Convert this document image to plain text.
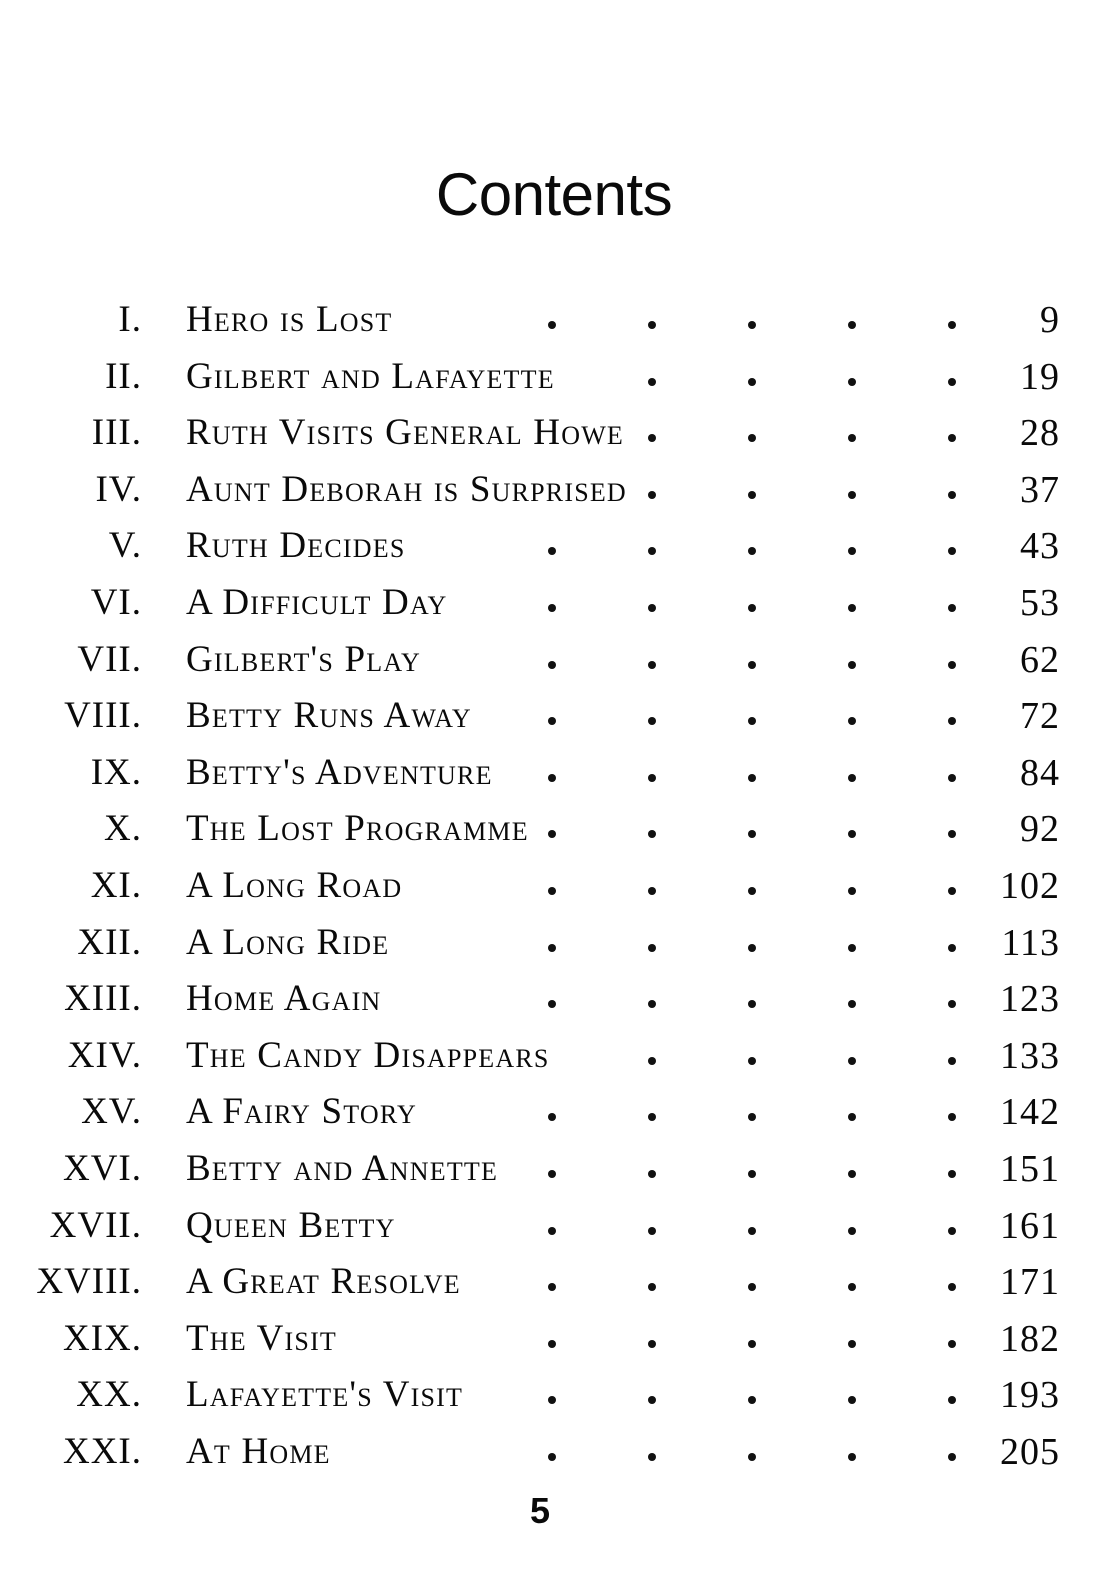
Contents
I. Hero is Lost	9
II. Gilbert and Lafayette	19
III. Ruth Visits General Howe	28
IV. Aunt Deborah is Surprised	37
V. Ruth Decides	43
VI. A Difficult Day	53
VII. Gilbert's Play	62
VIII. Betty Runs Away	72
IX. Betty's Adventure	84
X. The Lost Programme	92
XI. A Long Road	102
XII. A Long Ride	113
XIII. Home Again	123
XIV. The Candy Disappears	133
XV. A Fairy Story	142
XVI. Betty and Annette	151
XVII. Queen Betty	161
XVIII. A Great Resolve	171
XIX. The Visit	182
XX. Lafayette's Visit	193
XXI. At Home	205
5
